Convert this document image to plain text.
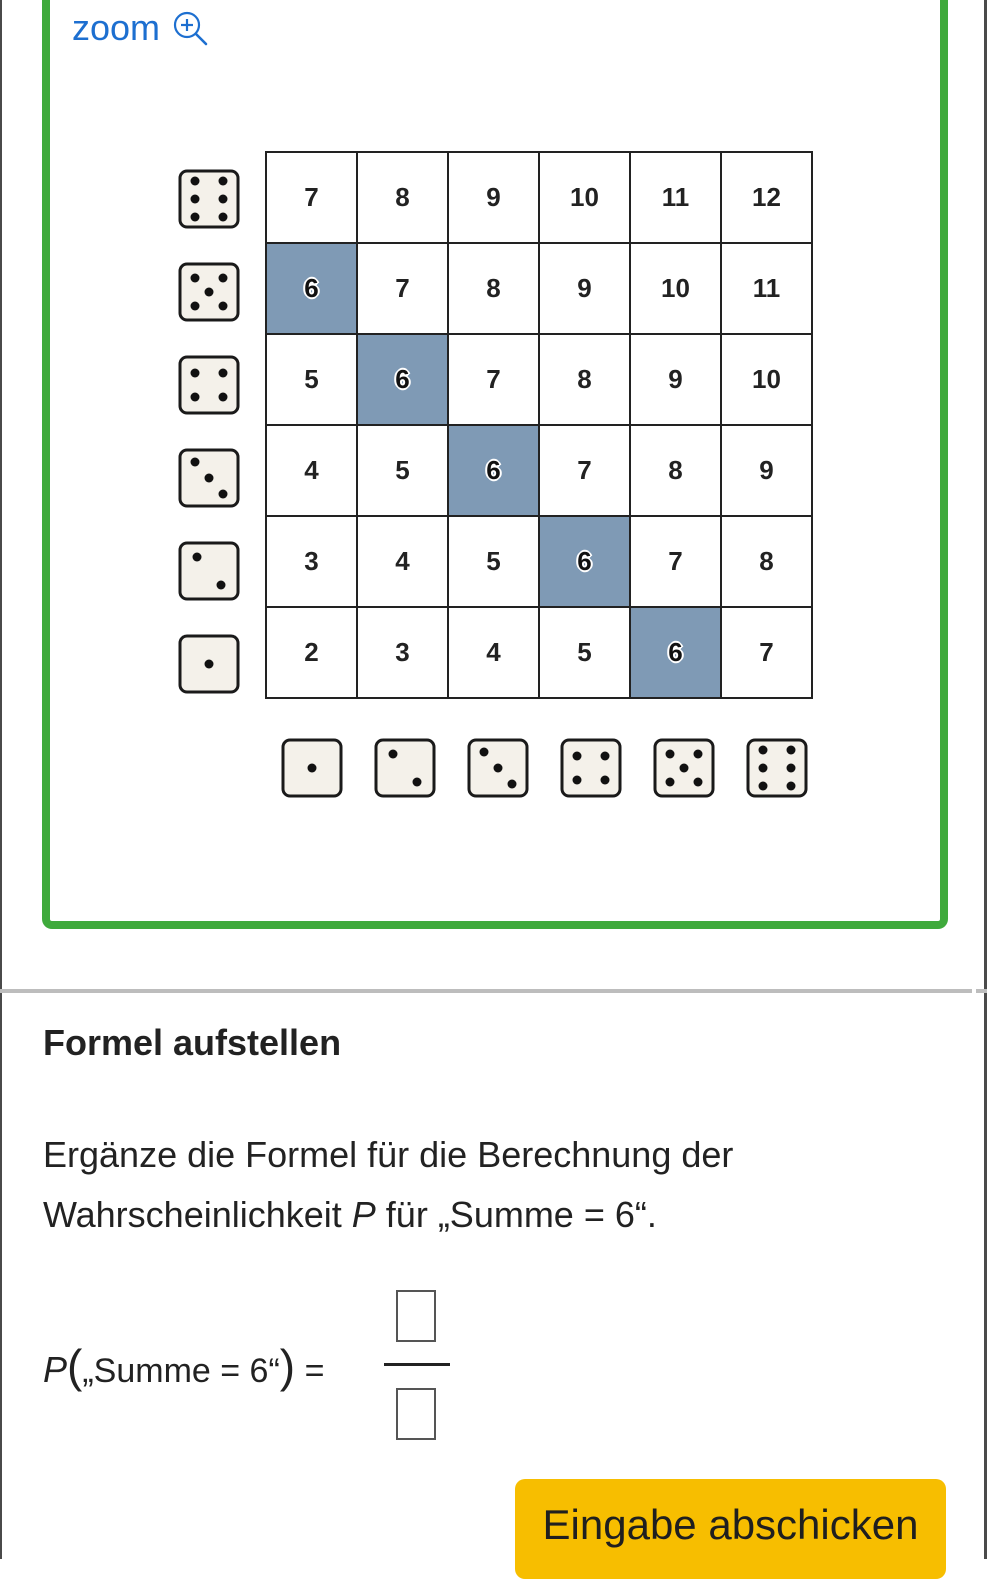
zoom
7	8	9	10	11	12
6	7	8	9	10	11
5	6	7	8	9	10
4	5	6	7	8	9
3	4	5	6	7	8
2	3	4	5	6	7
Formel aufstellen
Ergänze die Formel für die Berechnung der
Wahrscheinlichkeit P für „Summe = 6“.
P(„Summe = 6“) =
Eingabe abschicken
